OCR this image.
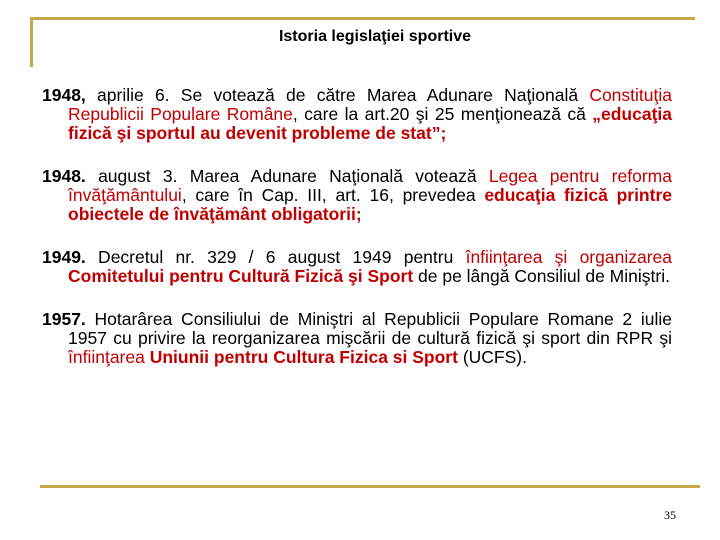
Istoria legislaţiei sportive

1948, aprilie 6. Se votează de către Marea Adunare Naţională Constituţia Republicii Populare Române, care la art.20 şi 25 menţionează că „educaţia fizică şi sportul au devenit probleme de stat”;

1948. august 3. Marea Adunare Naţională votează Legea pentru reforma învăţământului, care în Cap. III, art. 16, prevedea educaţia fizică printre obiectele de învăţământ obligatorii;

1949. Decretul nr. 329 / 6 august 1949 pentru înfiinţarea şi organizarea Comitetului pentru Cultură Fizică şi Sport de pe lângă Consiliul de Miniştri.

1957. Hotarârea Consiliului de Miniştri al Republicii Populare Romane 2 iulie 1957 cu privire la reorganizarea mişcării de cultură fizică şi sport din RPR şi înfiinţarea Uniunii pentru Cultura Fizica si Sport (UCFS).

35
